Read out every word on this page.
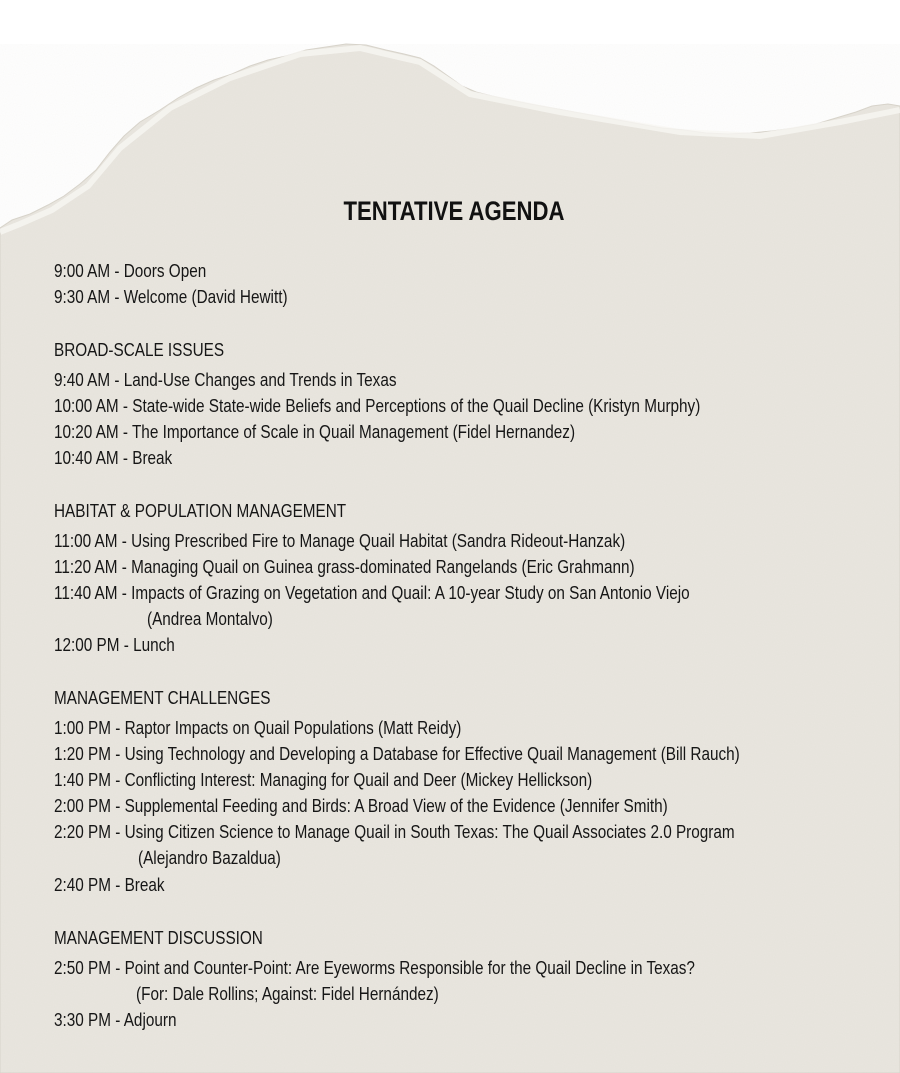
TENTATIVE AGENDA
9:00 AM - Doors Open
9:30 AM - Welcome (David Hewitt)
BROAD-SCALE ISSUES
9:40 AM - Land-Use Changes and Trends in Texas
10:00 AM - State-wide State-wide Beliefs and Perceptions of the Quail Decline (Kristyn Murphy)
10:20 AM - The Importance of Scale in Quail Management (Fidel Hernandez)
10:40 AM - Break
HABITAT & POPULATION MANAGEMENT
11:00 AM - Using Prescribed Fire to Manage Quail Habitat (Sandra Rideout-Hanzak)
11:20 AM - Managing Quail on Guinea grass-dominated Rangelands (Eric Grahmann)
11:40 AM - Impacts of Grazing on Vegetation and Quail: A 10-year Study on San Antonio Viejo
(Andrea Montalvo)
12:00 PM - Lunch
MANAGEMENT CHALLENGES
1:00 PM - Raptor Impacts on Quail Populations (Matt Reidy)
1:20 PM - Using Technology and Developing a Database for Effective Quail Management (Bill Rauch)
1:40 PM - Conflicting Interest: Managing for Quail and Deer (Mickey Hellickson)
2:00 PM - Supplemental Feeding and Birds: A Broad View of the Evidence (Jennifer Smith)
2:20 PM - Using Citizen Science to Manage Quail in South Texas: The Quail Associates 2.0 Program
(Alejandro Bazaldua)
2:40 PM - Break
MANAGEMENT DISCUSSION
2:50 PM - Point and Counter-Point: Are Eyeworms Responsible for the Quail Decline in Texas?
(For: Dale Rollins; Against: Fidel Hernández)
3:30 PM - Adjourn
